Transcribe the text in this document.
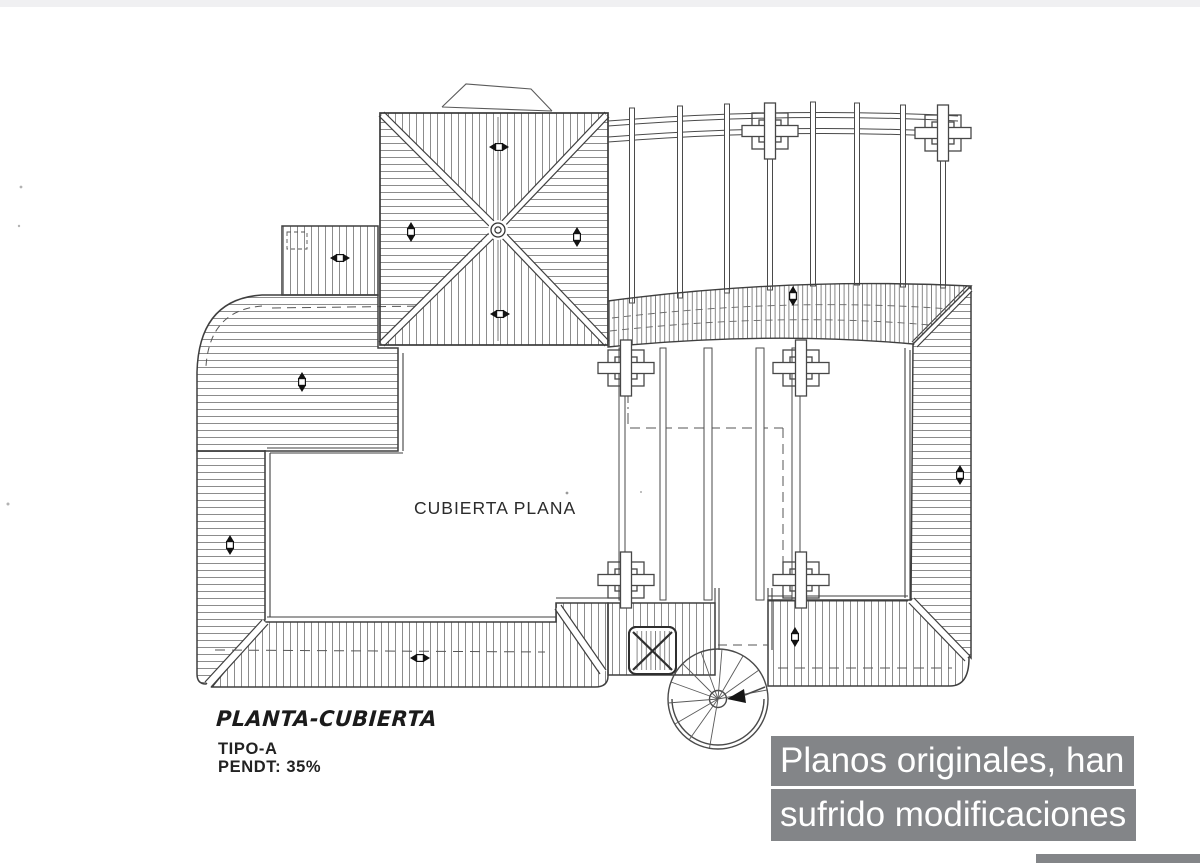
CUBIERTA PLANA
PLANTA-CUBIERTA
TIPO-A
PENDT: 35%	Planos originales, han
sufrido modificaciones
